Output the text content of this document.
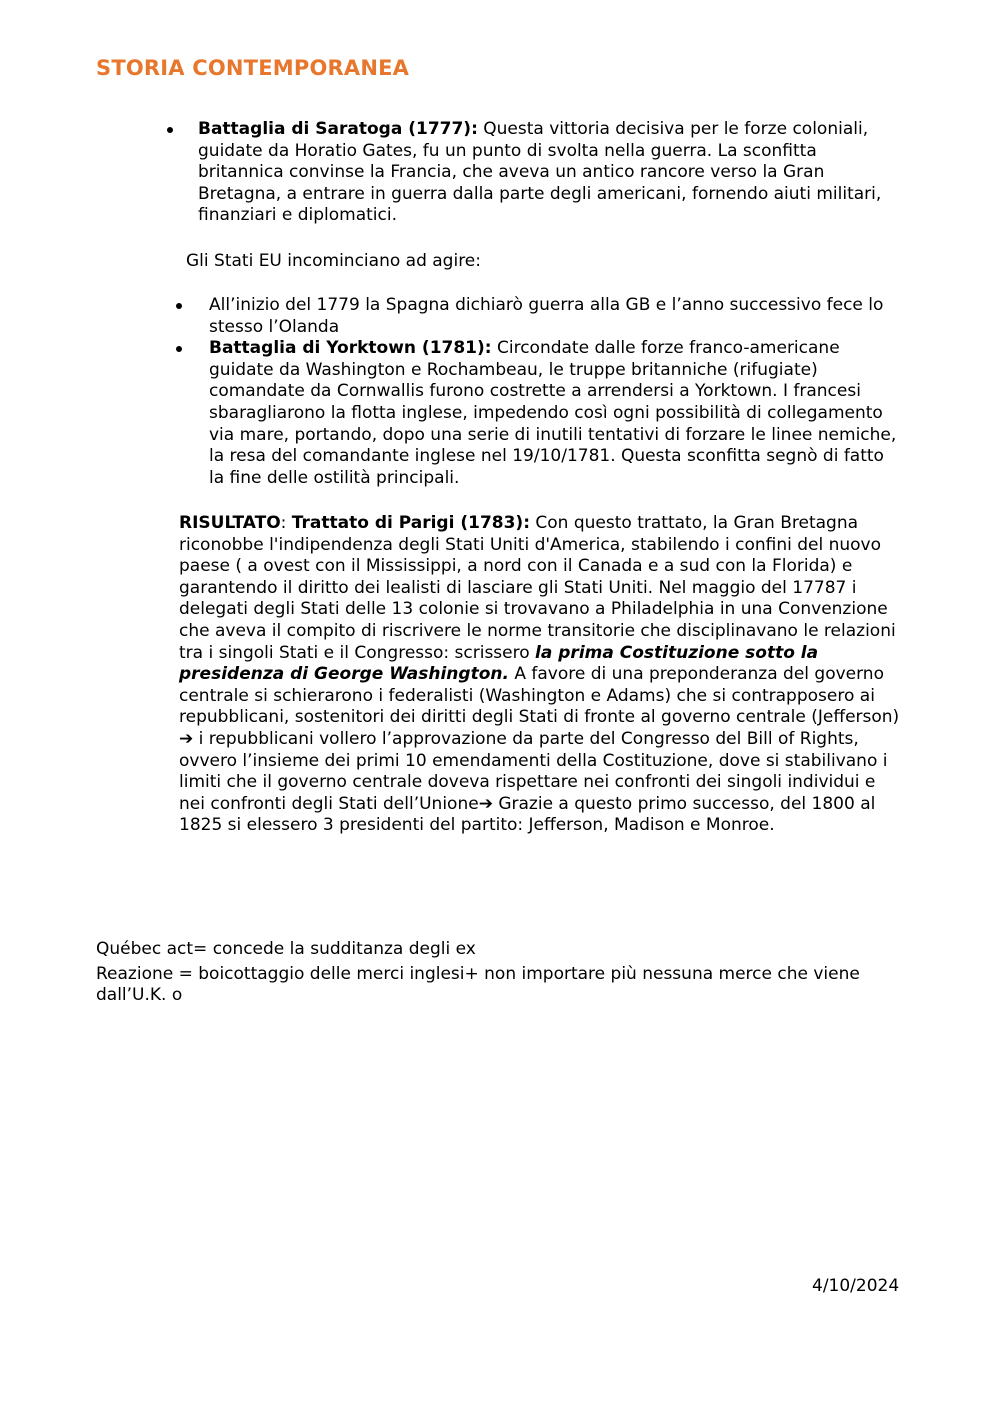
STORIA CONTEMPORANEA

Battaglia di Saratoga (1777): Questa vittoria decisiva per le forze coloniali, guidate da Horatio Gates, fu un punto di svolta nella guerra. La sconfitta britannica convinse la Francia, che aveva un antico rancore verso la Gran Bretagna, a entrare in guerra dalla parte degli americani, fornendo aiuti militari, finanziari e diplomatici.

Gli Stati EU incominciano ad agire:

All’inizio del 1779 la Spagna dichiarò guerra alla GB e l’anno successivo fece lo stesso l’Olanda

Battaglia di Yorktown (1781): Circondate dalle forze franco-americane guidate da Washington e Rochambeau, le truppe britanniche (rifugiate) comandate da Cornwallis furono costrette a arrendersi a Yorktown. I francesi sbaragliarono la flotta inglese, impedendo così ogni possibilità di collegamento via mare, portando, dopo una serie di inutili tentativi di forzare le linee nemiche, la resa del comandante inglese nel 19/10/1781. Questa sconfitta segnò di fatto la fine delle ostilità principali.

RISULTATO: Trattato di Parigi (1783): Con questo trattato, la Gran Bretagna riconobbe l'indipendenza degli Stati Uniti d'America, stabilendo i confini del nuovo paese ( a ovest con il Mississippi, a nord con il Canada e a sud con la Florida) e garantendo il diritto dei lealisti di lasciare gli Stati Uniti. Nel maggio del 17787 i delegati degli Stati delle 13 colonie si trovavano a Philadelphia in una Convenzione che aveva il compito di riscrivere le norme transitorie che disciplinavano le relazioni tra i singoli Stati e il Congresso: scrissero la prima Costituzione sotto la presidenza di George Washington. A favore di una preponderanza del governo centrale si schierarono i federalisti (Washington e Adams) che si contrapposero ai repubblicani, sostenitori dei diritti degli Stati di fronte al governo centrale (Jefferson) ➔ i repubblicani vollero l’approvazione da parte del Congresso del Bill of Rights, ovvero l’insieme dei primi 10 emendamenti della Costituzione, dove si stabilivano i limiti che il governo centrale doveva rispettare nei confronti dei singoli individui e nei confronti degli Stati dell’Unione➔ Grazie a questo primo successo, del 1800 al 1825 si elessero 3 presidenti del partito: Jefferson, Madison e Monroe.

Québec act= concede la sudditanza degli ex

Reazione = boicottaggio delle merci inglesi+ non importare più nessuna merce che viene dall’U.K. o

4/10/2024
